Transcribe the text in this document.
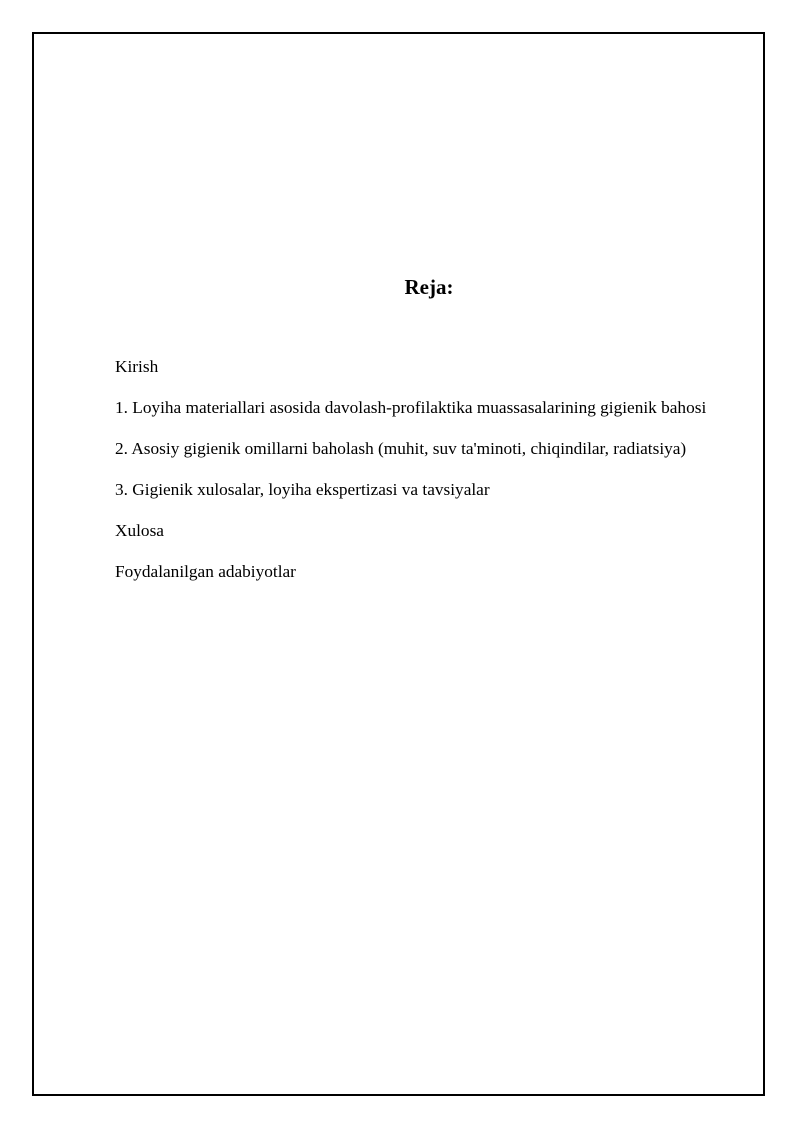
Reja:
Kirish
1. Loyiha materiallari asosida davolash-profilaktika muassasalarining gigienik bahosi
2. Asosiy gigienik omillarni baholash (muhit, suv ta'minoti, chiqindilar, radiatsiya)
3. Gigienik xulosalar, loyiha ekspertizasi va tavsiyalar
Xulosa
Foydalanilgan adabiyotlar
